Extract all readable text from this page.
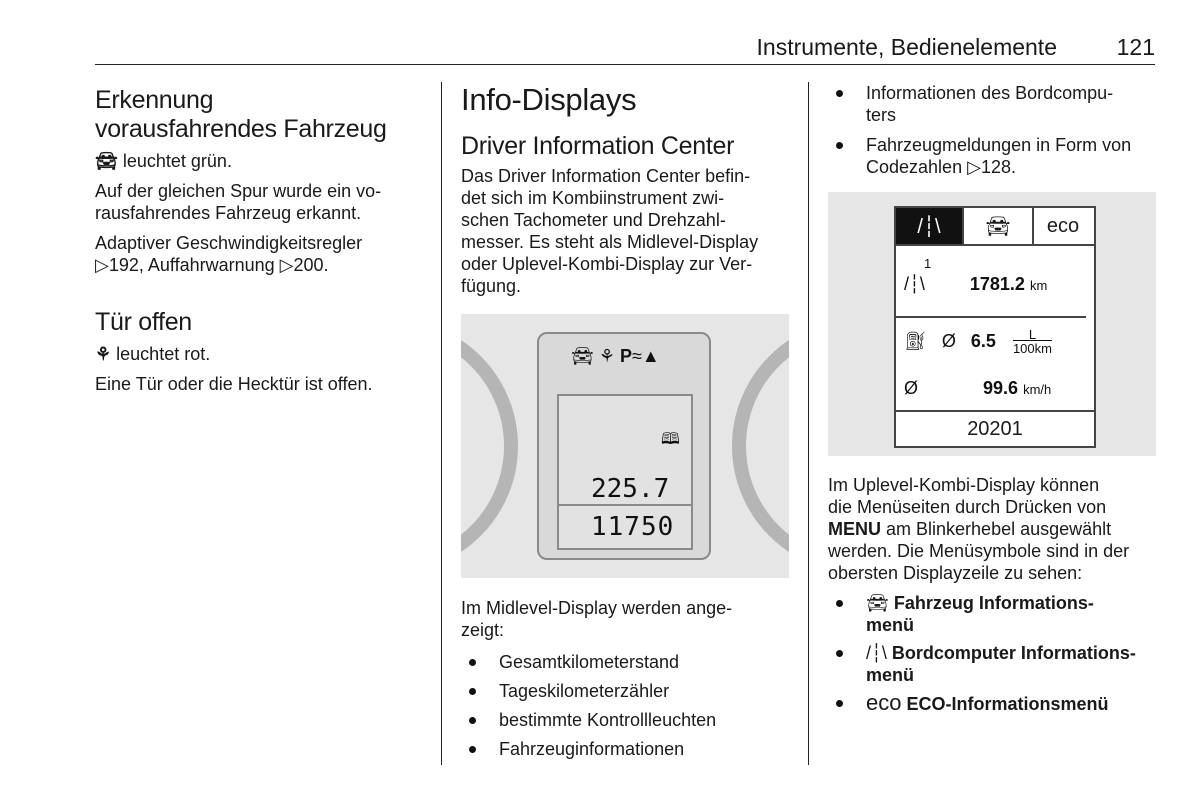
Instrumente, Bedienelemente	121
Erkennung
vorausfahrendes Fahrzeug

🚘︎ leuchtet grün.

Auf der gleichen Spur wurde ein vo-
rausfahrendes Fahrzeug erkannt.

Adaptiver Geschwindigkeitsregler
▷ 192, Auffahrwarnung ▷ 200.

Tür offen

⚘ leuchtet rot.

Eine Tür oder die Hecktür ist offen.

Info-Displays
Driver Information Center

Das Driver Information Center befin-
det sich im Kombiinstrument zwi-
schen Tachometer und Drehzahl-
messer. Es steht als Midlevel-Display
oder Uplevel-Kombi-Display zur Ver-
fügung.

🚘︎ ⚘ P≈▲
🕮︎
225.7
11750

Im Midlevel-Display werden ange-
zeigt:

Gesamtkilometerstand
Tageskilometerzähler
bestimmte Kontrollleuchten
Fahrzeuginformationen
Informationen des Bordcompu-
ters
Fahrzeugmeldungen in Form von
Codezahlen ▷ 128.
/┆\	🚘︎	eco
1
/┆\	1781.2 km
⛽︎ Ø $6.5 \frac{L}{100km}$
Ø	99.6 km/h
20201

Im Uplevel-Kombi-Display können
die Menüseiten durch Drücken von
MENU am Blinkerhebel ausgewählt
werden. Die Menüsymbole sind in der
obersten Displayzeile zu sehen:

🚘︎ Fahrzeug Informations-
menü
/┆\ Bordcomputer Informations-
menü
eco ECO-Informationsmenü
